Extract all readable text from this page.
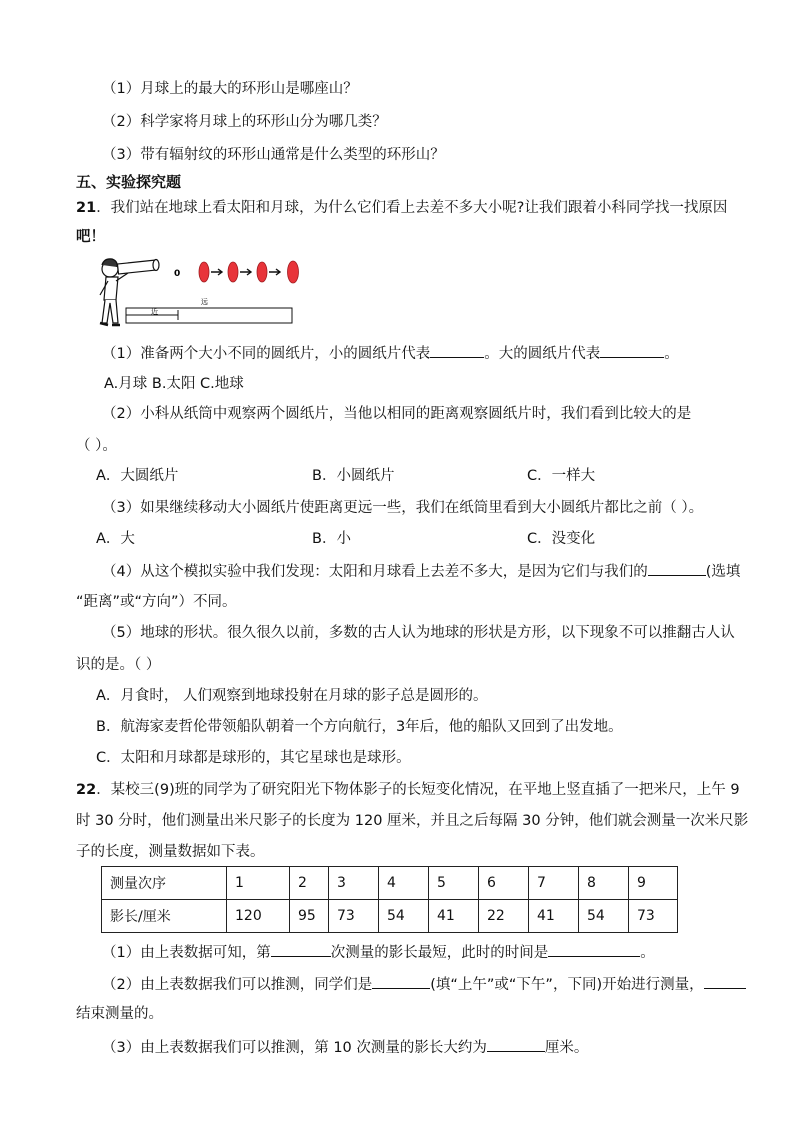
（1）月球上的最大的环形山是哪座山？
（2）科学家将月球上的环形山分为哪几类？
（3）带有辐射纹的环形山通常是什么类型的环形山？
五、实验探究题
21．我们站在地球上看太阳和月球，为什么它们看上去差不多大小呢?让我们跟着小科同学找一找原因
吧！
0
远
近
（1）准备两个大小不同的圆纸片，小的圆纸片代表	。大的圆纸片代表	。
A.月球 B.太阳 C.地球
（2）小科从纸筒中观察两个圆纸片，当他以相同的距离观察圆纸片时，我们看到比较大的是
（ ）。
A．大圆纸片	B．小圆纸片	C．一样大
（3）如果继续移动大小圆纸片使距离更远一些，我们在纸筒里看到大小圆纸片都比之前（ ）。
A．大	B．小	C．没变化
（4）从这个模拟实验中我们发现：太阳和月球看上去差不多大，是因为它们与我们的	(选填
“距离”或“方向”）不同。
（5）地球的形状。很久很久以前，多数的古人认为地球的形状是方形，以下现象不可以推翻古人认
识的是。（ ）
A．月食时， 人们观察到地球投射在月球的影子总是圆形的。
B．航海家麦哲伦带领船队朝着一个方向航行，3年后，他的船队又回到了出发地。
C．太阳和月球都是球形的，其它星球也是球形。
22．某校三(9)班的同学为了研究阳光下物体影子的长短变化情况，在平地上竖直插了一把米尺，上午 9
时 30 分时，他们测量出米尺影子的长度为 120 厘米，并且之后每隔 30 分钟，他们就会测量一次米尺影
子的长度，测量数据如下表。
测量次序	1	2	3	4	5	6	7	8	9
影长/厘米	120	95	73	54	41	22	41	54	73
（1）由上表数据可知，第	次测量的影长最短，此时的时间是	。
（2）由上表数据我们可以推测，同学们是	(填“上午”或“下午”，下同)开始进行测量，
结束测量的。
（3）由上表数据我们可以推测，第 10 次测量的影长大约为	厘米。
